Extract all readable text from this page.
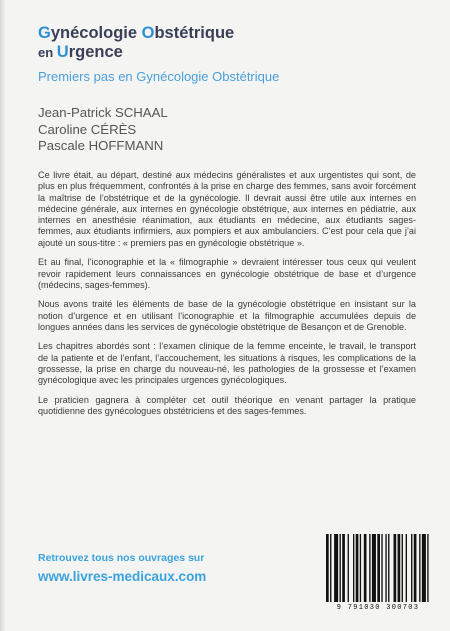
Gynécologie Obstétrique
en Urgence
Premiers pas en Gynécologie Obstétrique
Jean-Patrick SCHAAL
Caroline CÉRÈS
Pascale HOFFMANN

Ce livre était, au départ, destiné aux médecins généralistes et aux urgentistes qui sont, de plus en plus fréquemment, confrontés à la prise en charge des femmes, sans avoir forcément la maîtrise de l’obstétrique et de la gynécologie. Il devrait aussi être utile aux internes en médecine générale, aux internes en gynécologie obstétrique, aux internes en pédiatrie, aux internes en anesthésie réanimation, aux étudiants en médecine, aux étudiants sages-femmes, aux étudiants infirmiers, aux pompiers et aux ambulanciers. C’est pour cela que j’ai ajouté un sous-titre : « premiers pas en gynécologie obstétrique ».

Et au final, l’iconographie et la « filmographie » devraient intéresser tous ceux qui veulent revoir rapidement leurs connaissances en gynécologie obstétrique de base et d’urgence (médecins, sages-femmes).

Nous avons traité les éléments de base de la gynécologie obstétrique en insistant sur la notion d’urgence et en utilisant l’iconographie et la filmographie accumulées depuis de longues années dans les services de gynécologie obstétrique de Besançon et de Grenoble.

Les chapitres abordés sont : l’examen clinique de la femme enceinte, le travail, le transport de la patiente et de l’enfant, l’accouchement, les situations à risques, les complications de la grossesse, la prise en charge du nouveau-né, les pathologies de la grossesse et l’examen gynécologique avec les principales urgences gynécologiques.

Le praticien gagnera à compléter cet outil théorique en venant partager la pratique quotidienne des gynécologues obstétriciens et des sages-femmes.

Retrouvez tous nos ouvrages sur
www.livres-medicaux.com
9 791030 300703
